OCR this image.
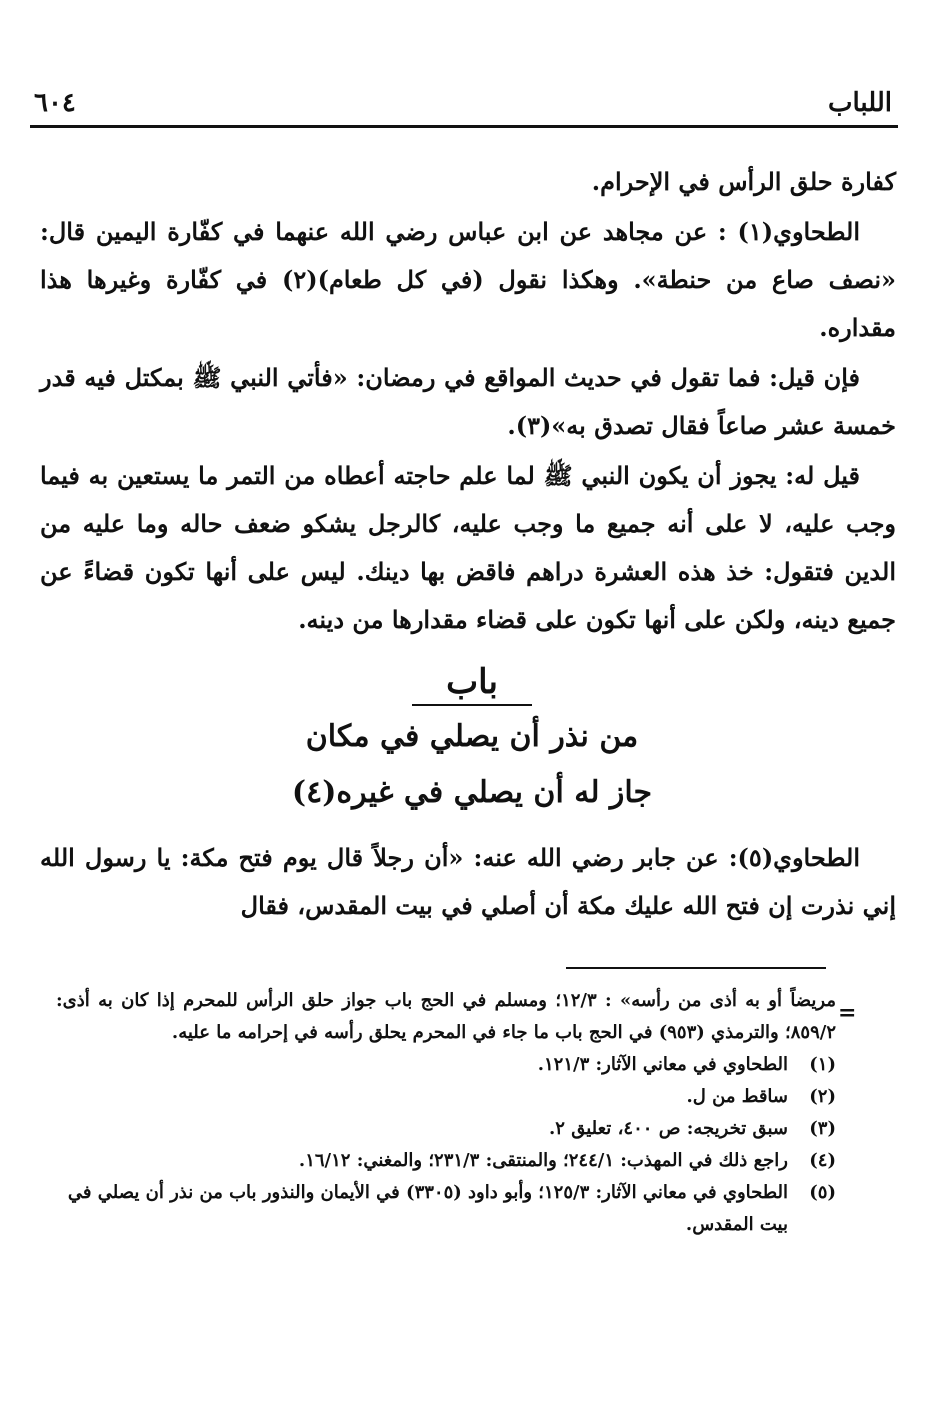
اللباب
٦٠٤

كفارة حلق الرأس في الإحرام.

الطحاوي(١) : عن مجاهد عن ابن عباس رضي الله عنهما في كفّارة اليمين قال: «نصف صاع من حنطة». وهكذا نقول (في كل طعام)(٢) في كفّارة وغيرها هذا مقداره.

فإن قيل: فما تقول في حديث المواقع في رمضان: «فأتي النبي ﷺ بمكتل فيه قدر خمسة عشر صاعاً فقال تصدق به»(٣).

قيل له: يجوز أن يكون النبي ﷺ لما علم حاجته أعطاه من التمر ما يستعين به فيما وجب عليه، لا على أنه جميع ما وجب عليه، كالرجل يشكو ضعف حاله وما عليه من الدين فتقول: خذ هذه العشرة دراهم فاقض بها دينك. ليس على أنها تكون قضاءً عن جميع دينه، ولكن على أنها تكون على قضاء مقدارها من دينه.

باب
من نذر أن يصلي في مكان
جاز له أن يصلي في غيره(٤)

الطحاوي(٥): عن جابر رضي الله عنه: «أن رجلاً قال يوم فتح مكة: يا رسول الله إني نذرت إن فتح الله عليك مكة أن أصلي في بيت المقدس، فقال

=

مريضاً أو به أذى من رأسه» : ١٢/٣؛ ومسلم في الحج باب جواز حلق الرأس للمحرم إذا كان به أذى: ٨٥٩/٢؛ والترمذي (٩٥٣) في الحج باب ما جاء في المحرم يحلق رأسه في إحرامه ما عليه.

(١)
الطحاوي في معاني الآثار: ١٢١/٣.
(٢)
ساقط من ل.
(٣)
سبق تخريجه: ص ٤٠٠، تعليق ٢.
(٤)
راجع ذلك في المهذب: ٢٤٤/١؛ والمنتقى: ٢٣١/٣؛ والمغني: ١٦/١٢.
(٥)
الطحاوي في معاني الآثار: ١٢٥/٣؛ وأبو داود (٣٣٠٥) في الأيمان والنذور باب من نذر أن يصلي في بيت المقدس.
